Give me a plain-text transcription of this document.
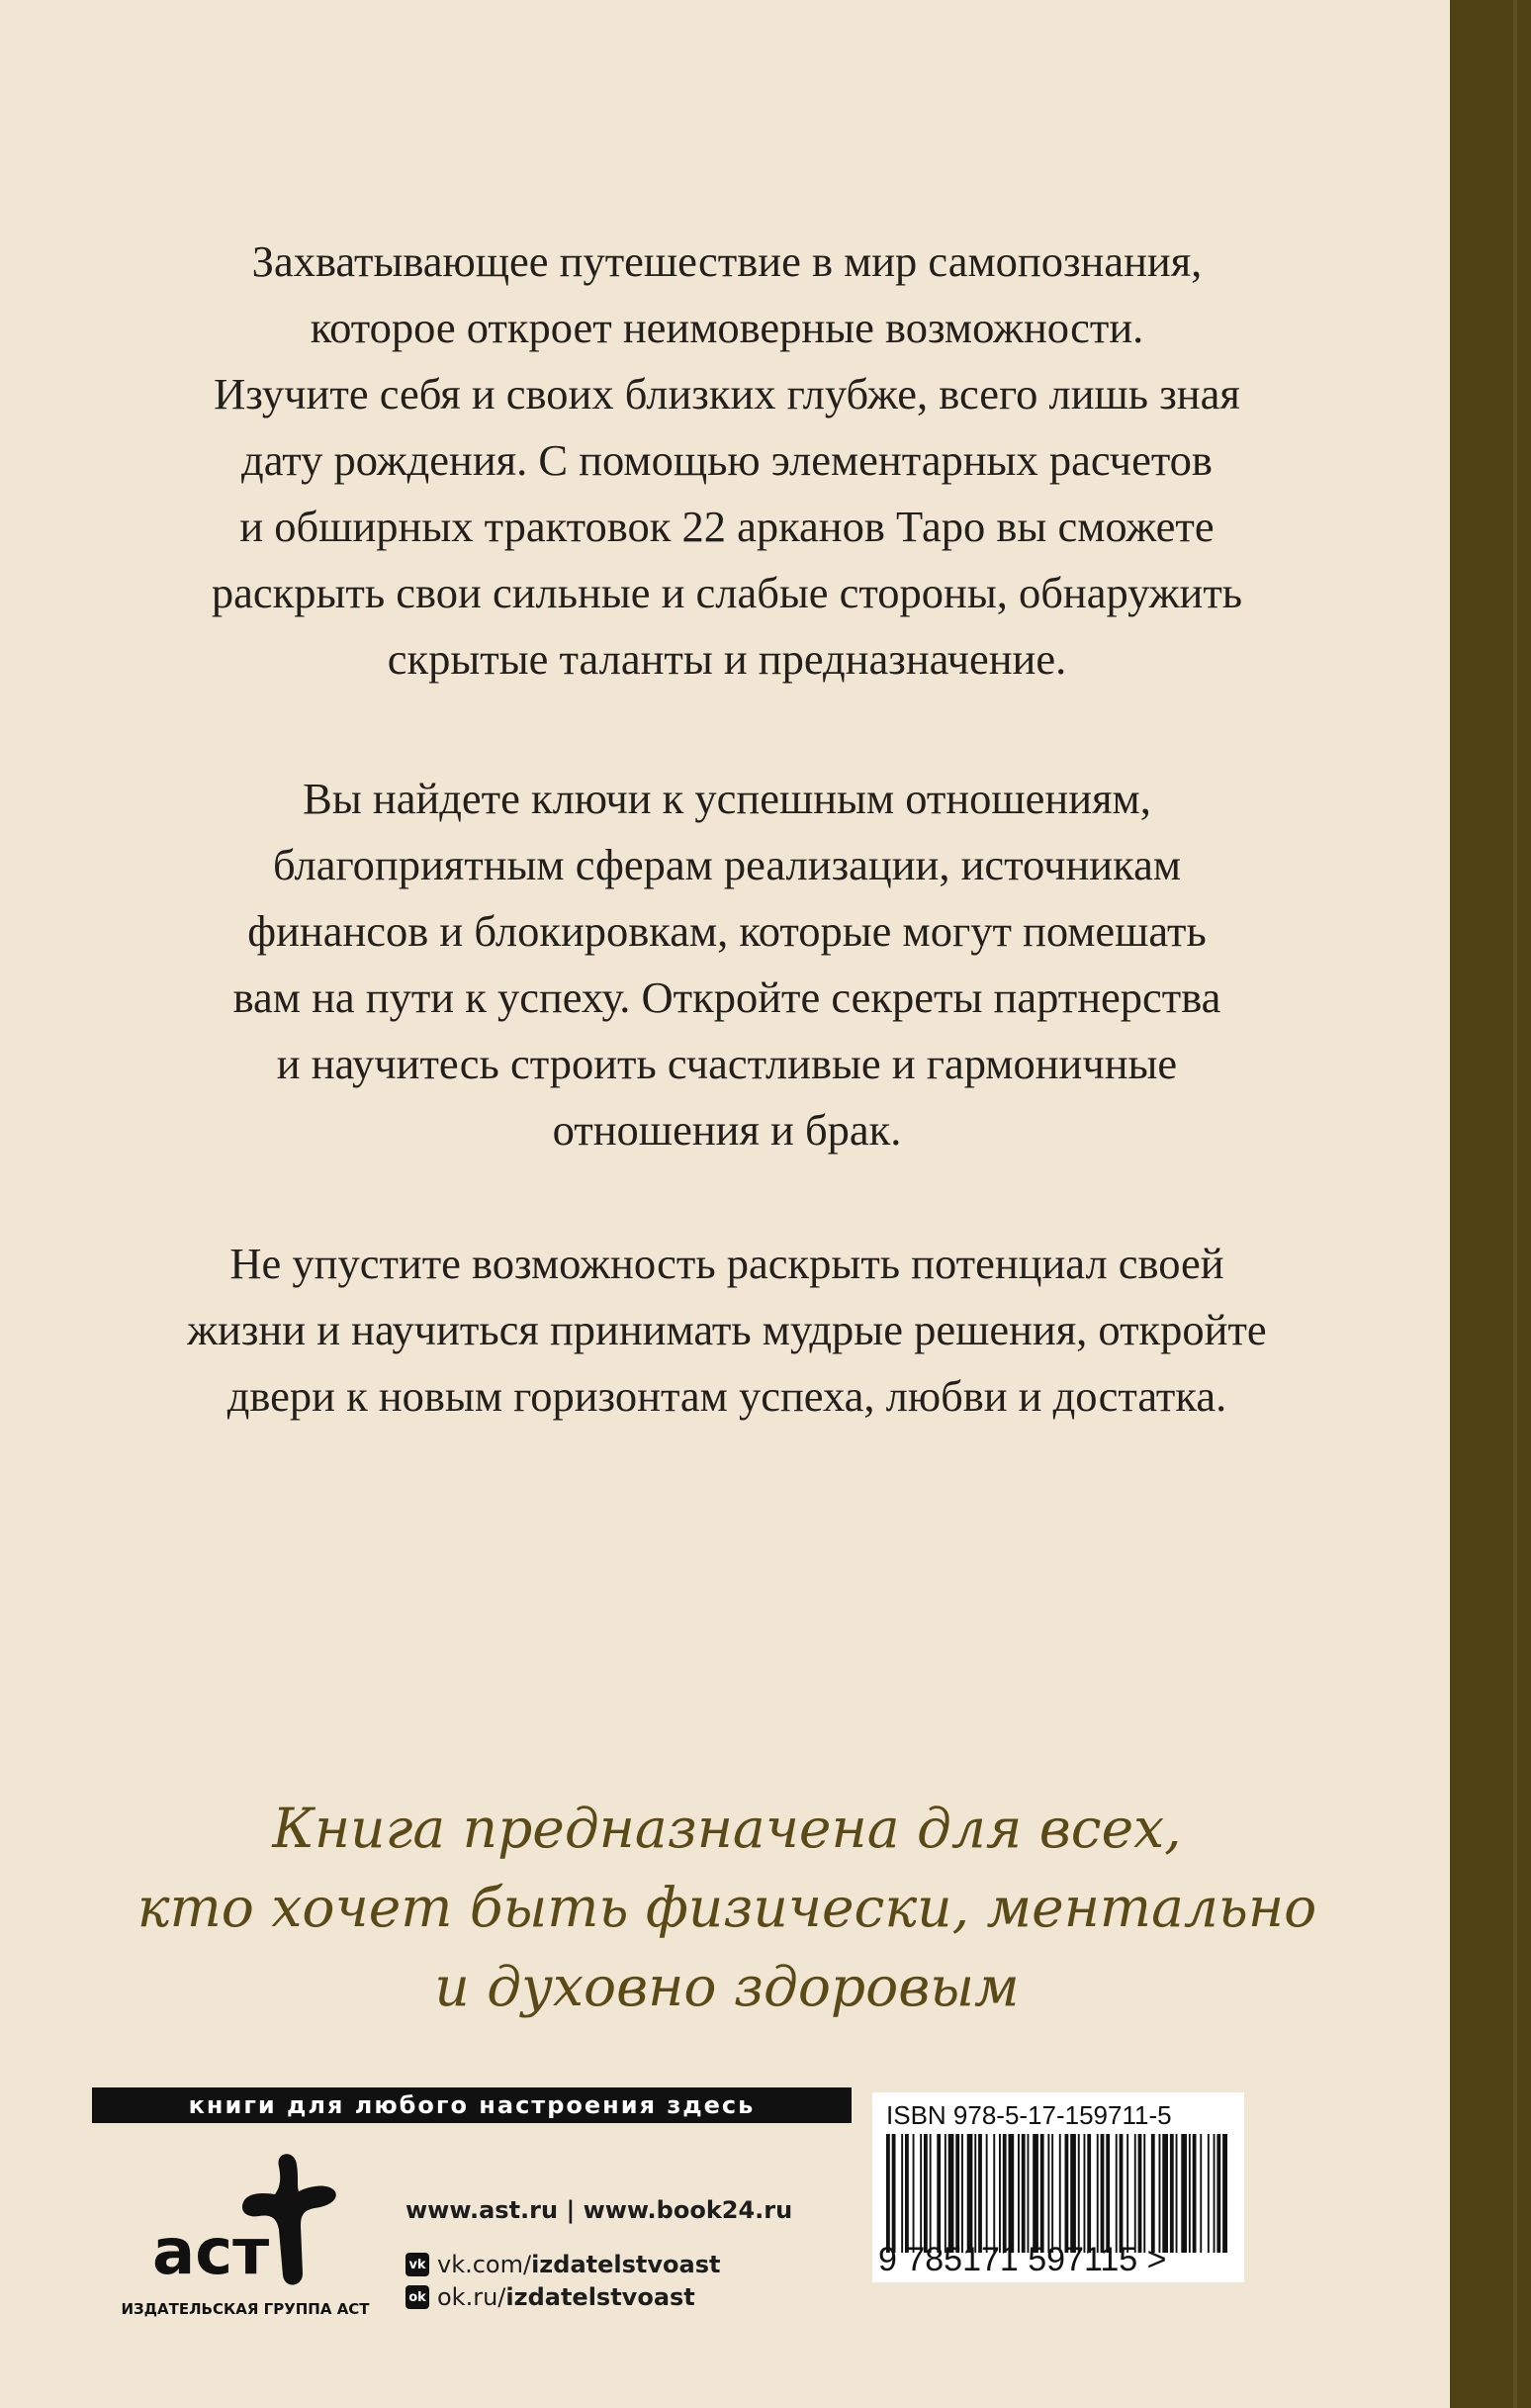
Захватывающее путешествие в мир самопознания,
которое откроет неимоверные возможности.
Изучите себя и своих близких глубже, всего лишь зная
дату рождения. С помощью элементарных расчетов
и обширных трактовок 22 арканов Таро вы сможете
раскрыть свои сильные и слабые стороны, обнаружить
скрытые таланты и предназначение.
Вы найдете ключи к успешным отношениям,
благоприятным сферам реализации, источникам
финансов и блокировкам, которые могут помешать
вам на пути к успеху. Откройте секреты партнерства
и научитесь строить счастливые и гармоничные
отношения и брак.
Не упустите возможность раскрыть потенциал своей
жизни и научиться принимать мудрые решения, откройте
двери к новым горизонтам успеха, любви и достатка.
Книга предназначена для всех,
кто хочет быть физически, ментально
и духовно здоровым
книги для любого настроения здесь
аст
ИЗДАТЕЛЬСКАЯ ГРУППА АСТ
www.ast.ru | www.book24.ru
vk vk.com/ izdatelstvoast
ok ok.ru/ izdatelstvoast
ISBN 978-5-17-159711-5
9 785171 597115 >
